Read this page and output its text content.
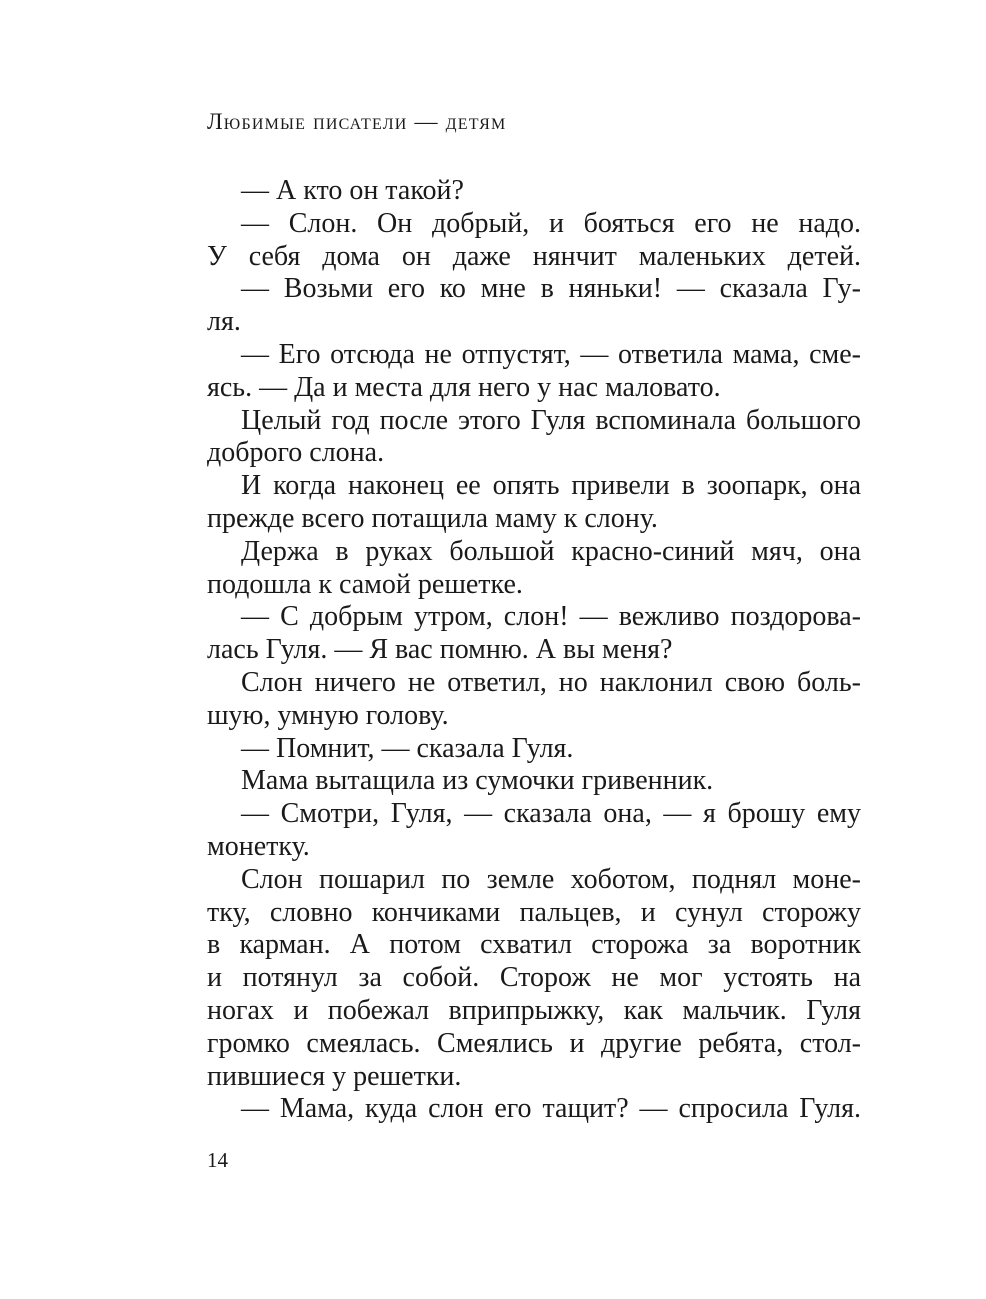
Любимые писатели — детям
— А кто он такой?
— Слон. Он добрый, и бояться его не надо.
У себя дома он даже нянчит маленьких детей.
— Возьми его ко мне в няньки! — сказала Гу-
ля.
— Его отсюда не отпустят, — ответила мама, сме-
ясь. — Да и места для него у нас маловато.
Целый год после этого Гуля вспоминала большого
доброго слона.
И когда наконец ее опять привели в зоопарк, она
прежде всего потащила маму к слону.
Держа в руках большой красно-синий мяч, она
подошла к самой решетке.
— С добрым утром, слон! — вежливо поздорова-
лась Гуля. — Я вас помню. А вы меня?
Слон ничего не ответил, но наклонил свою боль-
шую, умную голову.
— Помнит, — сказала Гуля.
Мама вытащила из сумочки гривенник.
— Смотри, Гуля, — сказала она, — я брошу ему
монетку.
Слон пошарил по земле хоботом, поднял моне-
тку, словно кончиками пальцев, и сунул сторожу
в карман. А потом схватил сторожа за воротник
и потянул за собой. Сторож не мог устоять на
ногах и побежал вприпрыжку, как мальчик. Гуля
громко смеялась. Смеялись и другие ребята, стол-
пившиеся у решетки.
— Мама, куда слон его тащит? — спросила Гуля.
14
